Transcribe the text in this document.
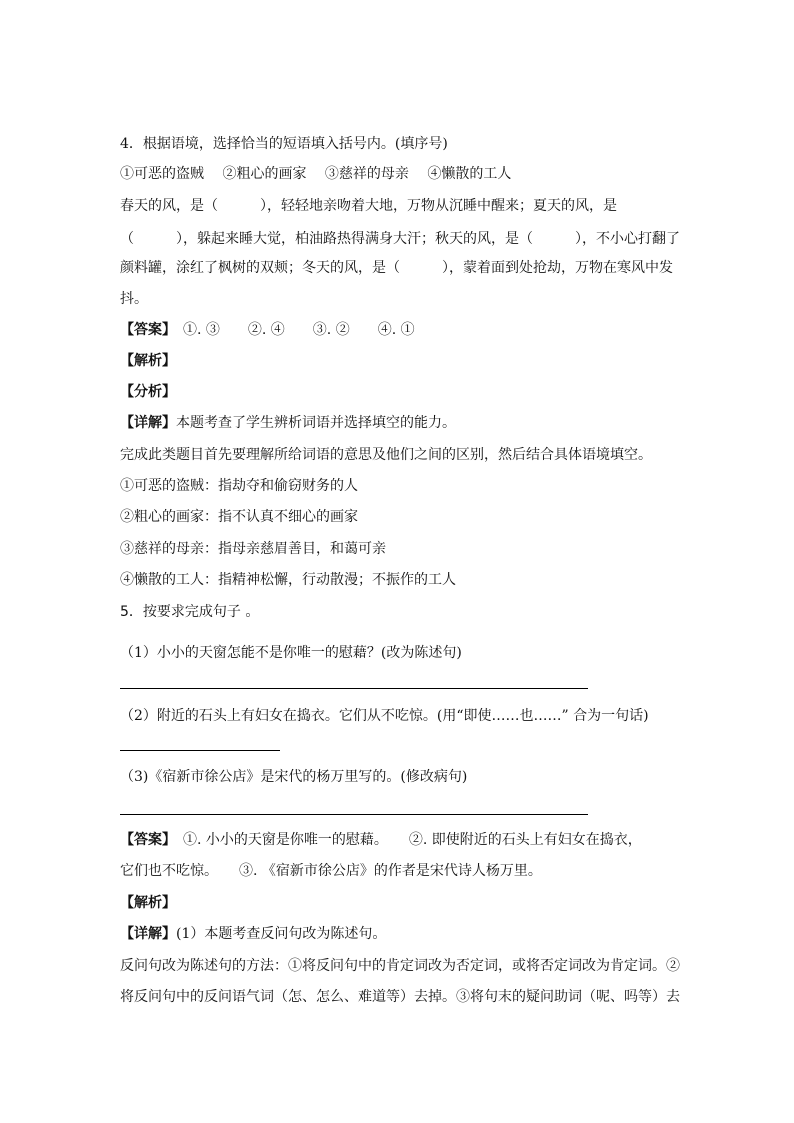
4．根据语境，选择恰当的短语填入括号内。(填序号)
①可恶的盗贼　 ②粗心的画家　 ③慈祥的母亲　 ④懒散的工人
春天的风，是（　　　），轻轻地亲吻着大地，万物从沉睡中醒来；夏天的风，是
（　　　），躲起来睡大觉，柏油路热得满身大汗；秋天的风，是（　　　），不小心打翻了
颜料罐，涂红了枫树的双颊；冬天的风，是（　　　），蒙着面到处抢劫，万物在寒风中发
抖。
【答案】　①. ③　　②. ④　　③. ②　　④. ①
【解析】
【分析】
【详解】本题考查了学生辨析词语并选择填空的能力。
完成此类题目首先要理解所给词语的意思及他们之间的区别，然后结合具体语境填空。
①可恶的盗贼：指劫夺和偷窃财务的人
②粗心的画家：指不认真不细心的画家
③慈祥的母亲：指母亲慈眉善目，和蔼可亲
④懒散的工人：指精神松懈，行动散漫；不振作的工人
5．按要求完成句子 。
（1）小小的天窗怎能不是你唯一的慰藉？(改为陈述句)
（2）附近的石头上有妇女在捣衣。它们从不吃惊。(用“即使……也……” 合为一句话)
（3)《宿新市徐公店》是宋代的杨万里写的。(修改病句)
【答案】　①. 小小的天窗是你唯一的慰藉。　　②. 即使附近的石头上有妇女在捣衣，
它们也不吃惊。　　③. 《宿新市徐公店》的作者是宋代诗人杨万里。
【解析】
【详解】(1）本题考查反问句改为陈述句。
反问句改为陈述句的方法：①将反问句中的肯定词改为否定词，或将否定词改为肯定词。②
将反问句中的反问语气词（怎、怎么、难道等）去掉。③将句末的疑问助词（呢、吗等）去
